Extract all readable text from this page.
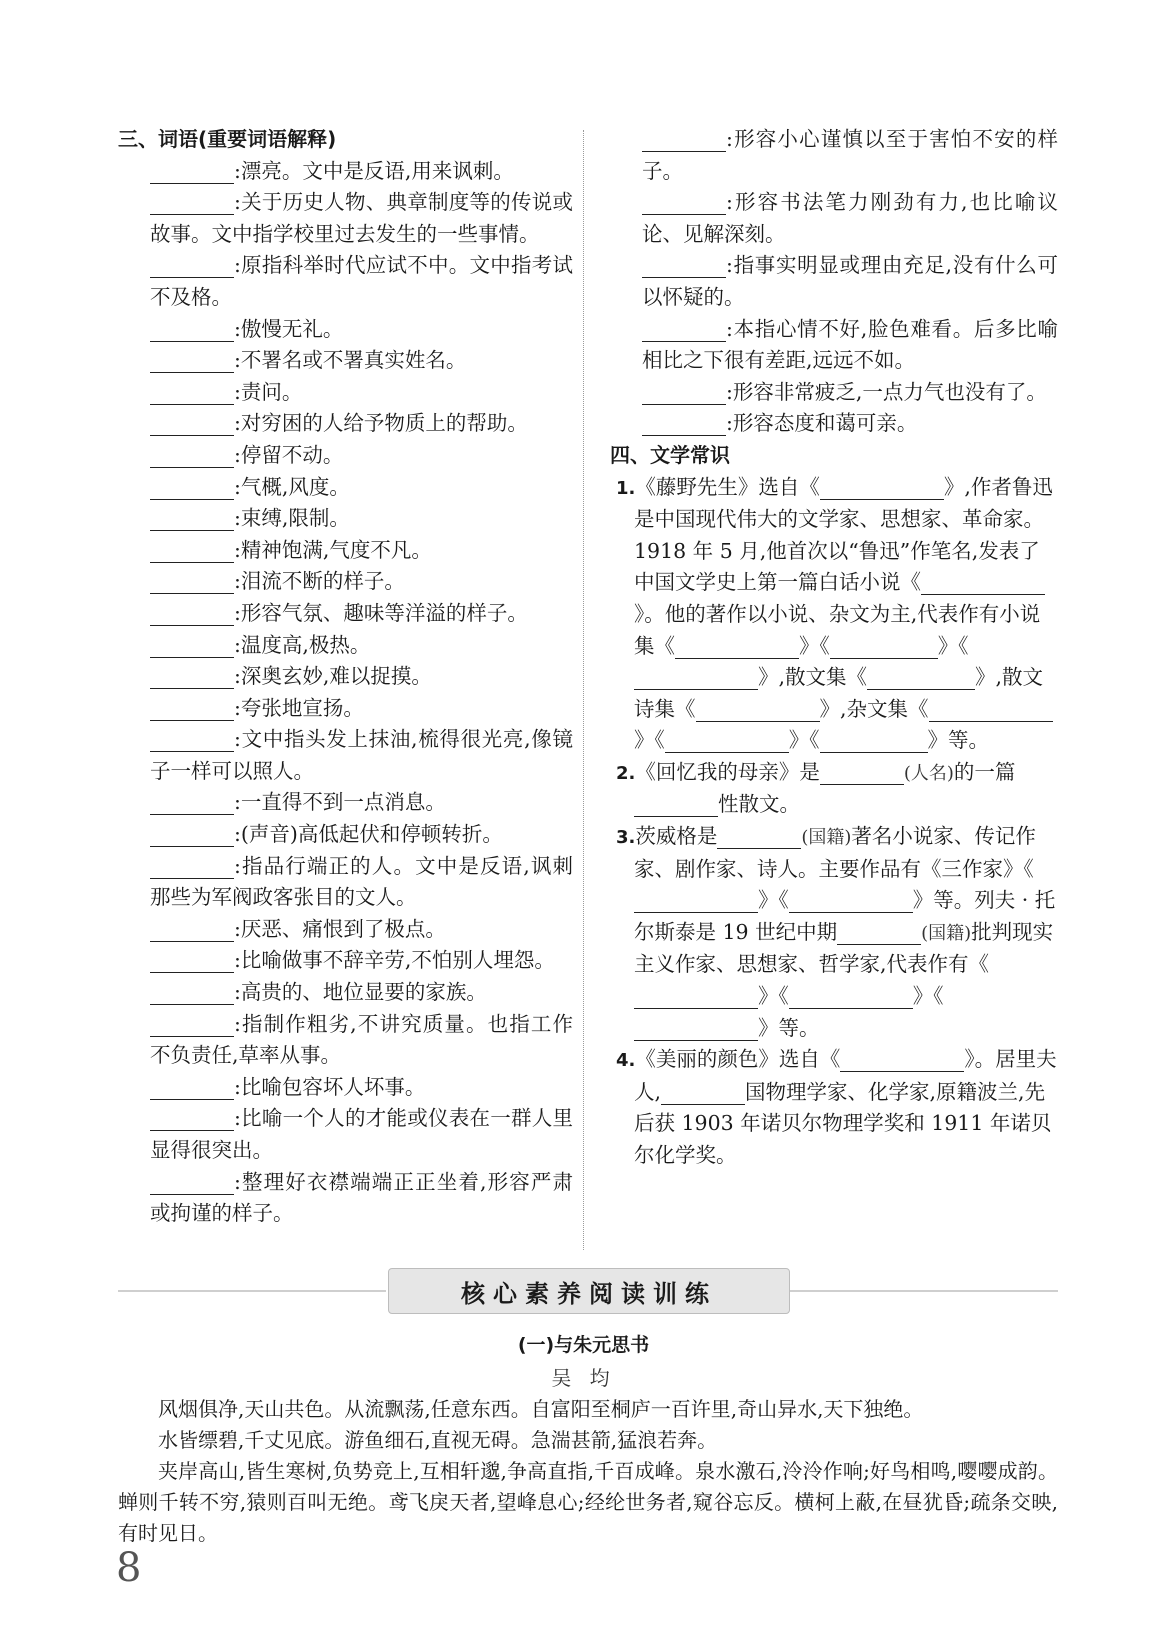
三、词语(重要词语解释)
:漂亮。文中是反语,用来讽刺。
:关于历史人物、典章制度等的传说或故事。文中指学校里过去发生的一些事情。
:原指科举时代应试不中。文中指考试不及格。
:傲慢无礼。
:不署名或不署真实姓名。
:责问。
:对穷困的人给予物质上的帮助。
:停留不动。
:气概,风度。
:束缚,限制。
:精神饱满,气度不凡。
:泪流不断的样子。
:形容气氛、趣味等洋溢的样子。
:温度高,极热。
:深奥玄妙,难以捉摸。
:夸张地宣扬。
:文中指头发上抹油,梳得很光亮,像镜子一样可以照人。
:一直得不到一点消息。
:(声音)高低起伏和停顿转折。
:指品行端正的人。文中是反语,讽刺那些为军阀政客张目的文人。
:厌恶、痛恨到了极点。
:比喻做事不辞辛劳,不怕别人埋怨。
:高贵的、地位显要的家族。
:指制作粗劣,不讲究质量。也指工作不负责任,草率从事。
:比喻包容坏人坏事。
:比喻一个人的才能或仪表在一群人里显得很突出。
:整理好衣襟端端正正坐着,形容严肃或拘谨的样子。
:形容小心谨慎以至于害怕不安的样子。
:形容书法笔力刚劲有力,也比喻议论、见解深刻。
:指事实明显或理由充足,没有什么可以怀疑的。
:本指心情不好,脸色难看。后多比喻相比之下很有差距,远远不如。
:形容非常疲乏,一点力气也没有了。
:形容态度和蔼可亲。
四、文学常识
1.《藤野先生》选自《	》,作者鲁迅是中国现代伟大的文学家、思想家、革命家。1918 年 5 月,他首次以“鲁迅”作笔名,发表了中国文学史上第一篇白话小说《》。他的著作以小说、杂文为主,代表作有小说集《	》《	》《》,散文集《	》,散文诗集《	》,杂文集《》《	》《	》等。
2.《回忆我的母亲》是	(人名)的一篇性散文。
3.茨威格是	(国籍)著名小说家、传记作家、剧作家、诗人。主要作品有《三作家》《》《	》等。列夫 · 托尔斯泰是 19 世纪中期	(国籍)批判现实主义作家、思想家、哲学家,代表作有《》《	》《》等。
4.《美丽的颜色》选自《	》。居里夫人,	国物理学家、化学家,原籍波兰,先后获 1903 年诺贝尔物理学奖和 1911 年诺贝尔化学奖。
核心素养阅读训练
(一)与朱元思书
吴 均

风烟俱净,天山共色。从流飘荡,任意东西。自富阳至桐庐一百许里,奇山异水,天下独绝。

水皆缥碧,千丈见底。游鱼细石,直视无碍。急湍甚箭,猛浪若奔。

夹岸高山,皆生寒树,负势竞上,互相轩邈,争高直指,千百成峰。泉水激石,泠泠作响;好鸟相鸣,嘤嘤成韵。蝉则千转不穷,猿则百叫无绝。鸢飞戾天者,望峰息心;经纶世务者,窥谷忘反。横柯上蔽,在昼犹昏;疏条交映,有时见日。

8
